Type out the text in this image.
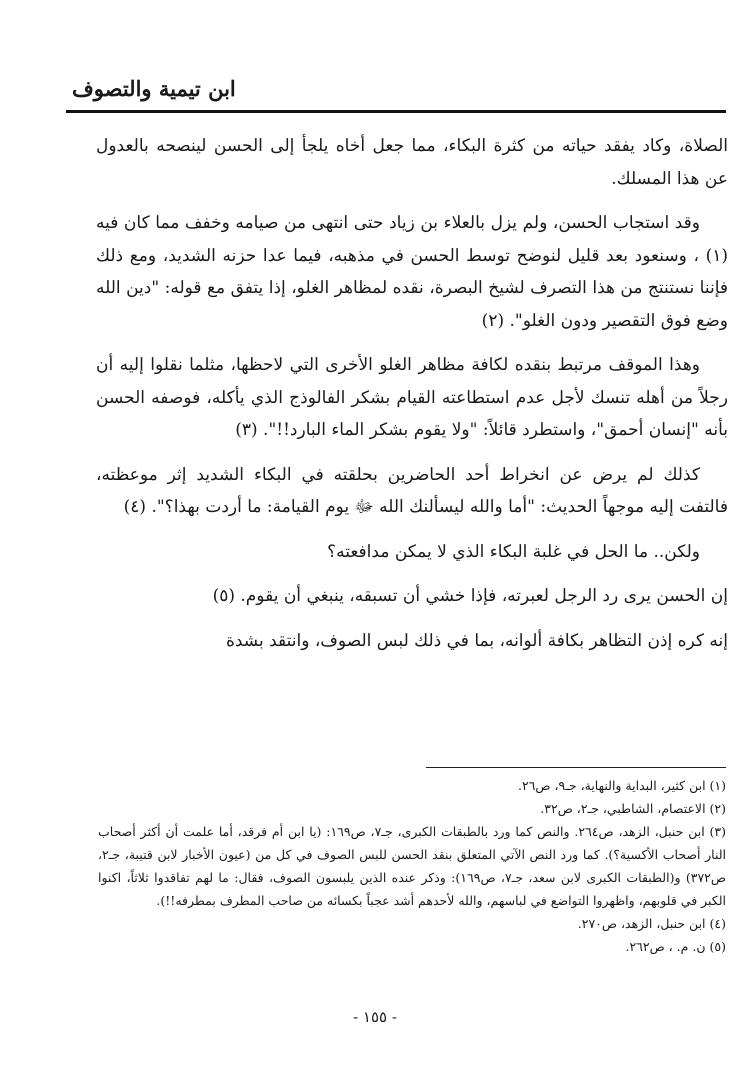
ابن تيمية والتصوف

الصلاة، وكاد يفقد حياته من كثرة البكاء، مما جعل أخاه يلجأ إلى الحسن لينصحه بالعدول عن هذا المسلك.

وقد استجاب الحسن، ولم يزل بالعلاء بن زياد حتى انتهى من صيامه وخفف مما كان فيه (١) ، وسنعود بعد قليل لنوضح توسط الحسن في مذهبه، فيما عدا حزنه الشديد، ومع ذلك فإننا نستنتج من هذا التصرف لشيخ البصرة، نقده لمظاهر الغلو، إذا يتفق مع قوله: "دين الله وضع فوق التقصير ودون الغلو". (٢)

وهذا الموقف مرتبط بنقده لكافة مظاهر الغلو الأخرى التي لاحظها، مثلما نقلوا إليه أن رجلاً من أهله تنسك لأجل عدم استطاعته القيام بشكر الفالوذج الذي يأكله، فوصفه الحسن بأنه "إنسان أحمق"، واستطرد قائلاً: "ولا يقوم بشكر الماء البارد!!". (٣)

كذلك لم يرض عن انخراط أحد الحاضرين بحلقته في البكاء الشديد إثر موعظته، فالتفت إليه موجهاً الحديث: "أما والله ليسألنك الله ﷻ يوم القيامة: ما أردت بهذا؟". (٤)

ولكن.. ما الحل في غلبة البكاء الذي لا يمكن مدافعته؟

إن الحسن يرى رد الرجل لعبرته، فإذا خشي أن تسبقه، ينبغي أن يقوم. (٥)

إنه كره إذن التظاهر بكافة ألوانه، بما في ذلك لبس الصوف، وانتقد بشدة

(١) ابن كثير، البداية والنهاية، جـ٩، ص٢٦.

(٢) الاعتصام، الشاطبي، جـ٢، ص٣٢.

(٣) ابن حنبل، الزهد، ص٢٦٤. والنص كما ورد بالطبقات الكبرى، جـ٧، ص١٦٩: (يا ابن أم فرقد، أما علمت أن أكثر أصحاب النار أصحاب الأكسية؟). كما ورد النص الآتي المتعلق بنقد الحسن للبس الصوف في كل من (عيون الأخبار لابن قتيبة، جـ٢، ص٣٧٢) و(الطبقات الكبرى لابن سعد، جـ٧، ص١٦٩): وذكر عنده الذين يلبسون الصوف، فقال: ما لهم تفاقدوا ثلاثاً، اكنوا الكبر في قلوبهم، واظهروا التواضع في لباسهم، والله لأحدهم أشد عجباً بكسائه من صاحب المطرف بمطرفه!!).

(٤) ابن حنبل، الزهد، ص٢٧٠.

(٥) ن. م. ، ص٢٦٢.

- ١٥٥ -
